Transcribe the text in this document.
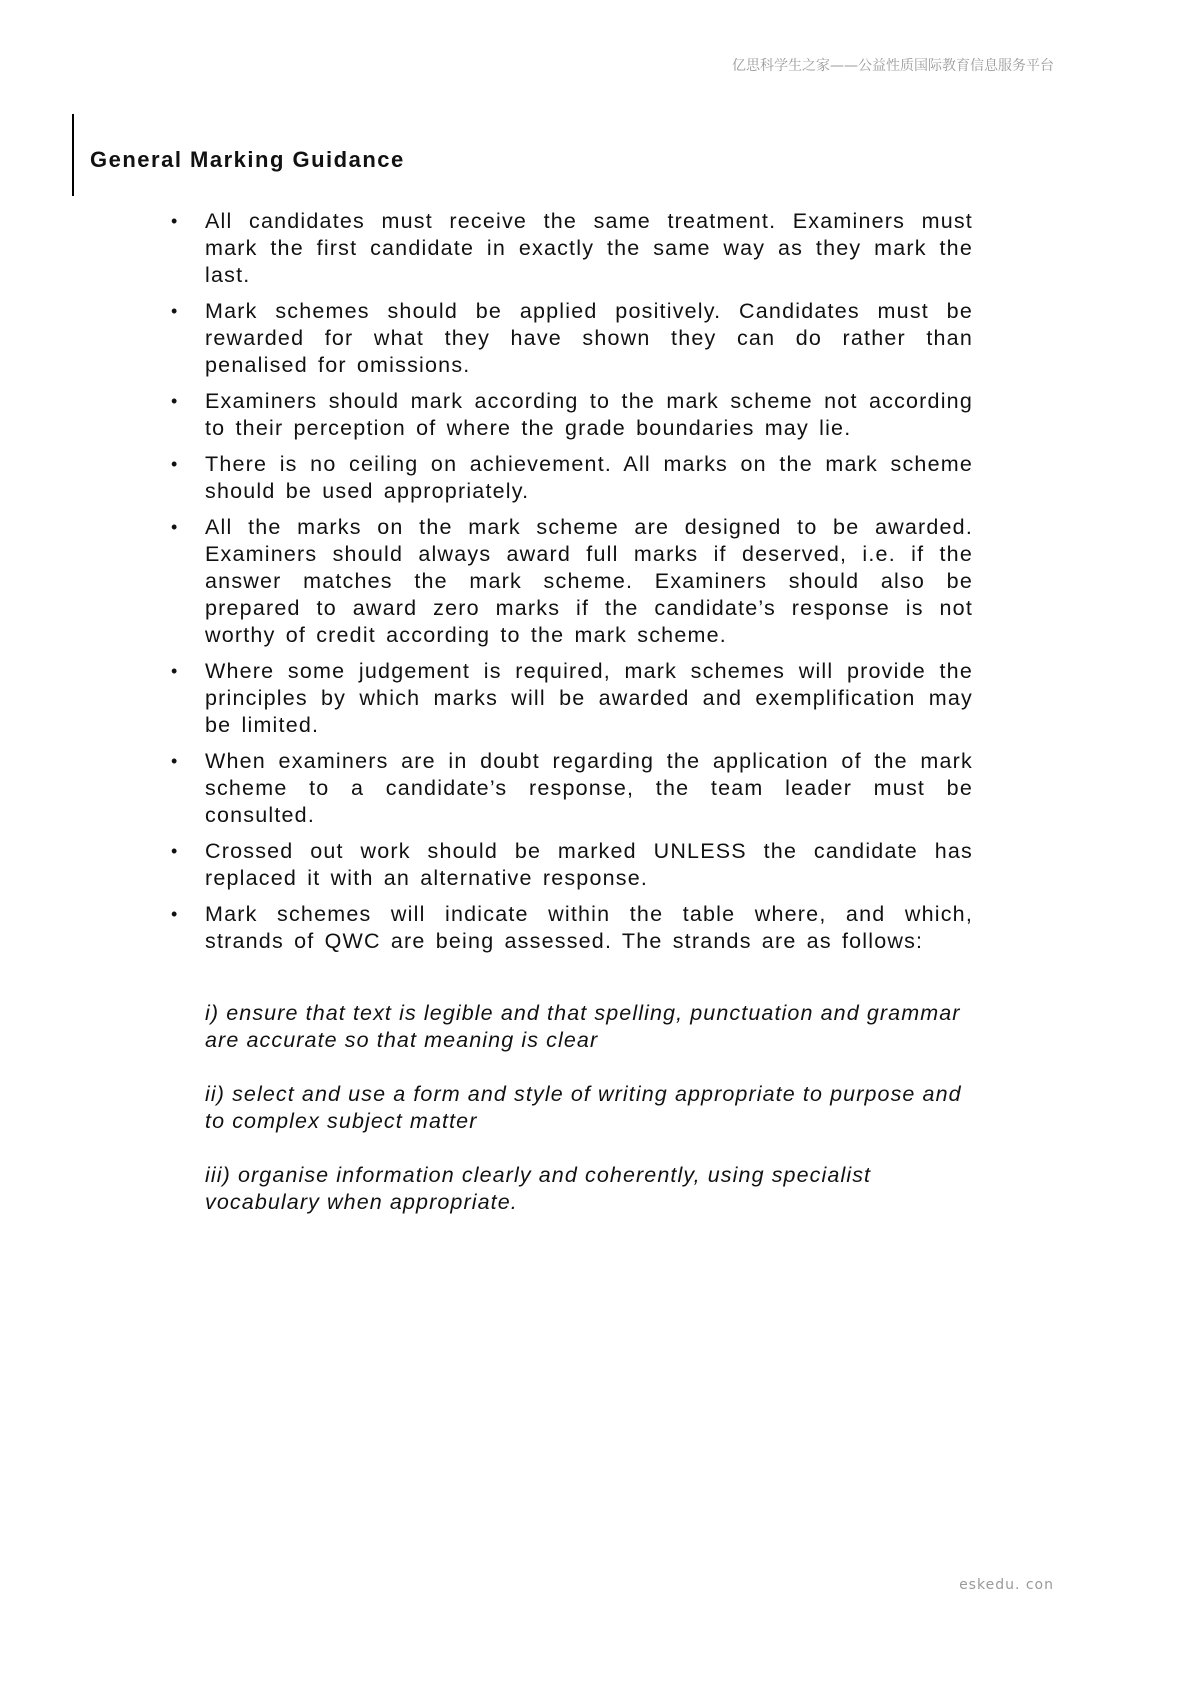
亿思科学生之家——公益性质国际教育信息服务平台
General Marking Guidance
• All candidates must receive the same treatment. Examiners must mark the first candidate in exactly the same way as they mark the last.
• Mark schemes should be applied positively. Candidates must be rewarded for what they have shown they can do rather than penalised for omissions.
• Examiners should mark according to the mark scheme not according to their perception of where the grade boundaries may lie.
• There is no ceiling on achievement. All marks on the mark scheme should be used appropriately.
• All the marks on the mark scheme are designed to be awarded. Examiners should always award full marks if deserved, i.e. if the answer matches the mark scheme. Examiners should also be prepared to award zero marks if the candidate’s response is not worthy of credit according to the mark scheme.
• Where some judgement is required, mark schemes will provide the principles by which marks will be awarded and exemplification may be limited.
• When examiners are in doubt regarding the application of the mark scheme to a candidate’s response, the team leader must be consulted.
• Crossed out work should be marked UNLESS the candidate has replaced it with an alternative response.
• Mark schemes will indicate within the table where, and which, strands of QWC are being assessed. The strands are as follows:

i) ensure that text is legible and that spelling, punctuation and grammar are accurate so that meaning is clear

ii) select and use a form and style of writing appropriate to purpose and to complex subject matter

iii) organise information clearly and coherently, using specialist vocabulary when appropriate.

eskedu. con
